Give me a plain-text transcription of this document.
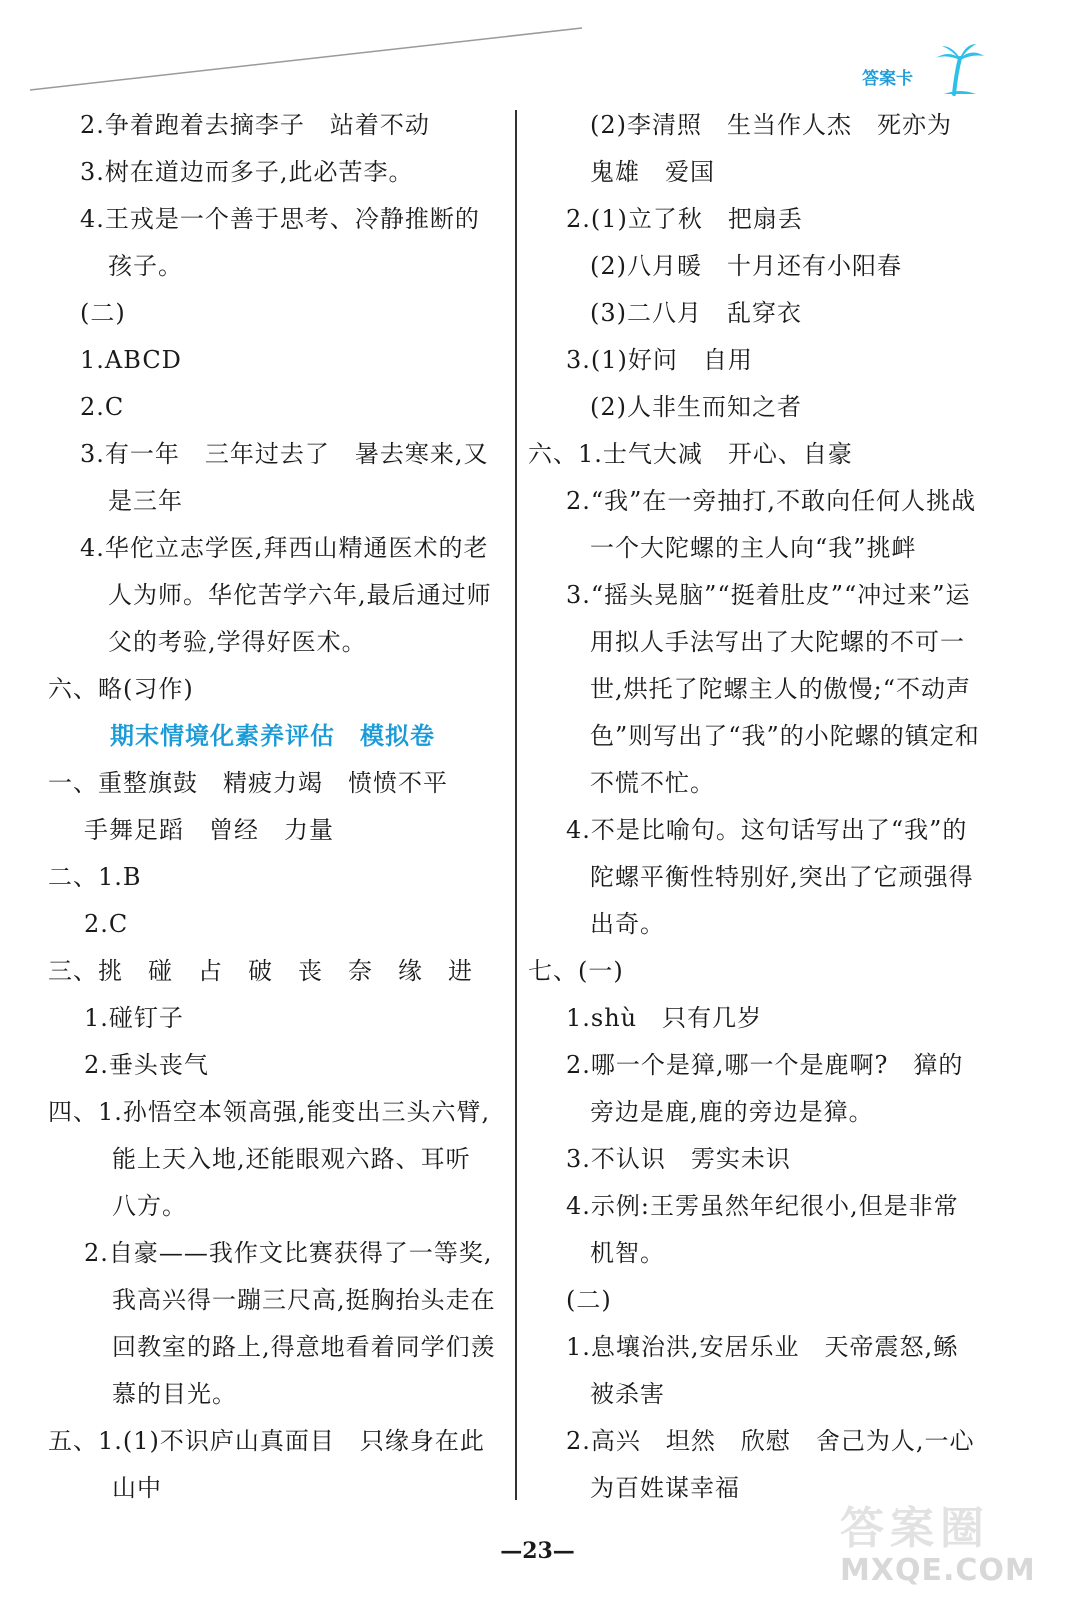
答案卡
2.争着跑着去摘李子　站着不动
3.树在道边而多子,此必苦李。
4.王戎是一个善于思考、冷静推断的
孩子。
(二)
1.ABCD
2.C
3.有一年　三年过去了　暑去寒来,又
是三年
4.华佗立志学医,拜西山精通医术的老
人为师。华佗苦学六年,最后通过师
父的考验,学得好医术。
六、略(习作)
期末情境化素养评估　模拟卷
一、重整旗鼓　精疲力竭　愤愤不平
手舞足蹈　曾经　力量
二、1.B
2.C
三、挑　碰　占　破　丧　奈　缘　进
1.碰钉子
2.垂头丧气
四、1.孙悟空本领高强,能变出三头六臂,
能上天入地,还能眼观六路、耳听
八方。
2.自豪——我作文比赛获得了一等奖,
我高兴得一蹦三尺高,挺胸抬头走在
回教室的路上,得意地看着同学们羡
慕的目光。
五、1.(1)不识庐山真面目　只缘身在此
山中
(2)李清照　生当作人杰　死亦为
鬼雄　爱国
2.(1)立了秋　把扇丢
(2)八月暖　十月还有小阳春
(3)二八月　乱穿衣
3.(1)好问　自用
(2)人非生而知之者
六、1.士气大减　开心、自豪
2.“我”在一旁抽打,不敢向任何人挑战
一个大陀螺的主人向“我”挑衅
3.“摇头晃脑”“挺着肚皮”“冲过来”运
用拟人手法写出了大陀螺的不可一
世,烘托了陀螺主人的傲慢;“不动声
色”则写出了“我”的小陀螺的镇定和
不慌不忙。
4.不是比喻句。这句话写出了“我”的
陀螺平衡性特别好,突出了它顽强得
出奇。
七、(一)
1.shù　只有几岁
2.哪一个是獐,哪一个是鹿啊?　獐的
旁边是鹿,鹿的旁边是獐。
3.不认识　雱实未识
4.示例:王雱虽然年纪很小,但是非常
机智。
(二)
1.息壤治洪,安居乐业　天帝震怒,鲧
被杀害
2.高兴　坦然　欣慰　舍己为人,一心
为百姓谋幸福
—23—	答案圈
MXQE.COM
